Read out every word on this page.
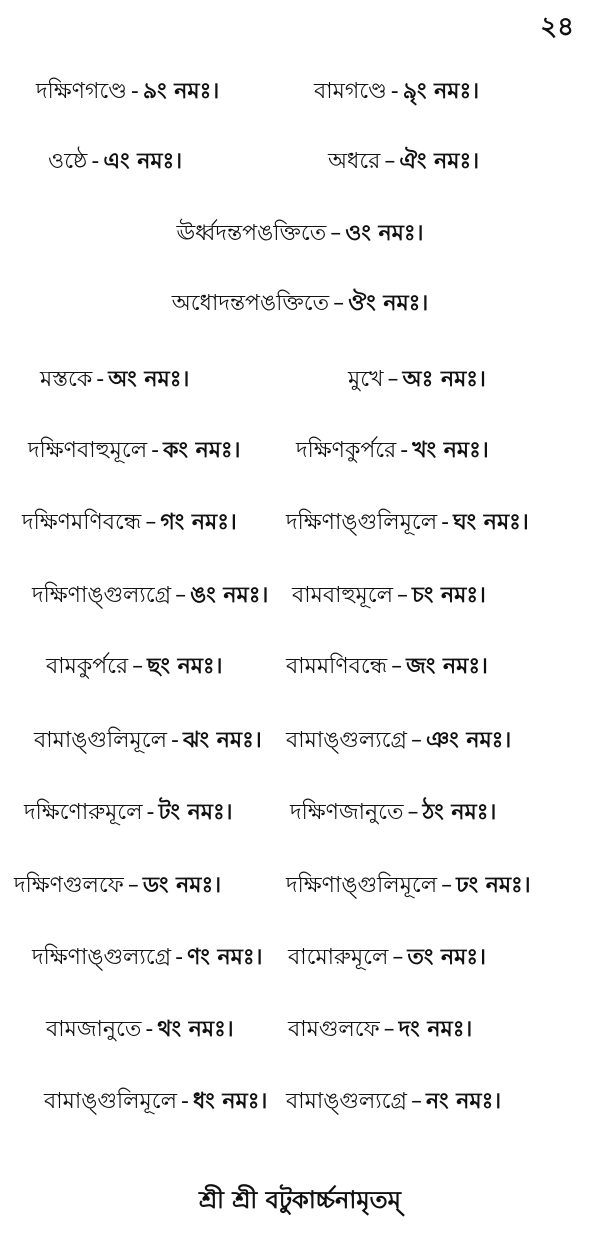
২৪
দক্ষিণগণ্ডে - ৯ং নমঃ।	বামগণ্ডে - ৯ৃং নমঃ।
ওষ্ঠে - এং নমঃ।	অধরে – ঐং নমঃ।
ঊর্ধ্বদন্তপঙক্তিতে – ওং নমঃ।
অধোদন্তপঙক্তিতে – ঔং নমঃ।
মস্তকে - অং নমঃ।	মুখে – অঃ নমঃ।
দক্ষিণবাহুমূলে - কং নমঃ।	দক্ষিণকুর্পরে - খং নমঃ।
দক্ষিণমণিবন্ধে – গং নমঃ। দক্ষিণাঙ্গুলিমূলে - ঘং নমঃ।
দক্ষিণাঙ্গুল্যগ্রে – ঙং নমঃ। বামবাহুমূলে – চং নমঃ।
বামকুর্পরে – ছং নমঃ।	বামমণিবন্ধে – জং নমঃ।
বামাঙ্গুলিমূলে - ঝং নমঃ। বামাঙ্গুল্যগ্রে – ঞং নমঃ।
দক্ষিণোরুমূলে - টং নমঃ।	দক্ষিণজানুতে – ঠং নমঃ।
দক্ষিণগুলফে – ডং নমঃ।	দক্ষিণাঙ্গুলিমূলে – ঢং নমঃ।
দক্ষিণাঙ্গুল্যগ্রে - ণং নমঃ। বামোরুমূলে – তং নমঃ।
বামজানুতে - থং নমঃ। বামগুলফে – দং নমঃ।
বামাঙ্গুলিমূলে - ধং নমঃ। বামাঙ্গুল্যগ্রে – নং নমঃ।
শ্রী শ্রী বটুকার্চ্চনামৃতম্
